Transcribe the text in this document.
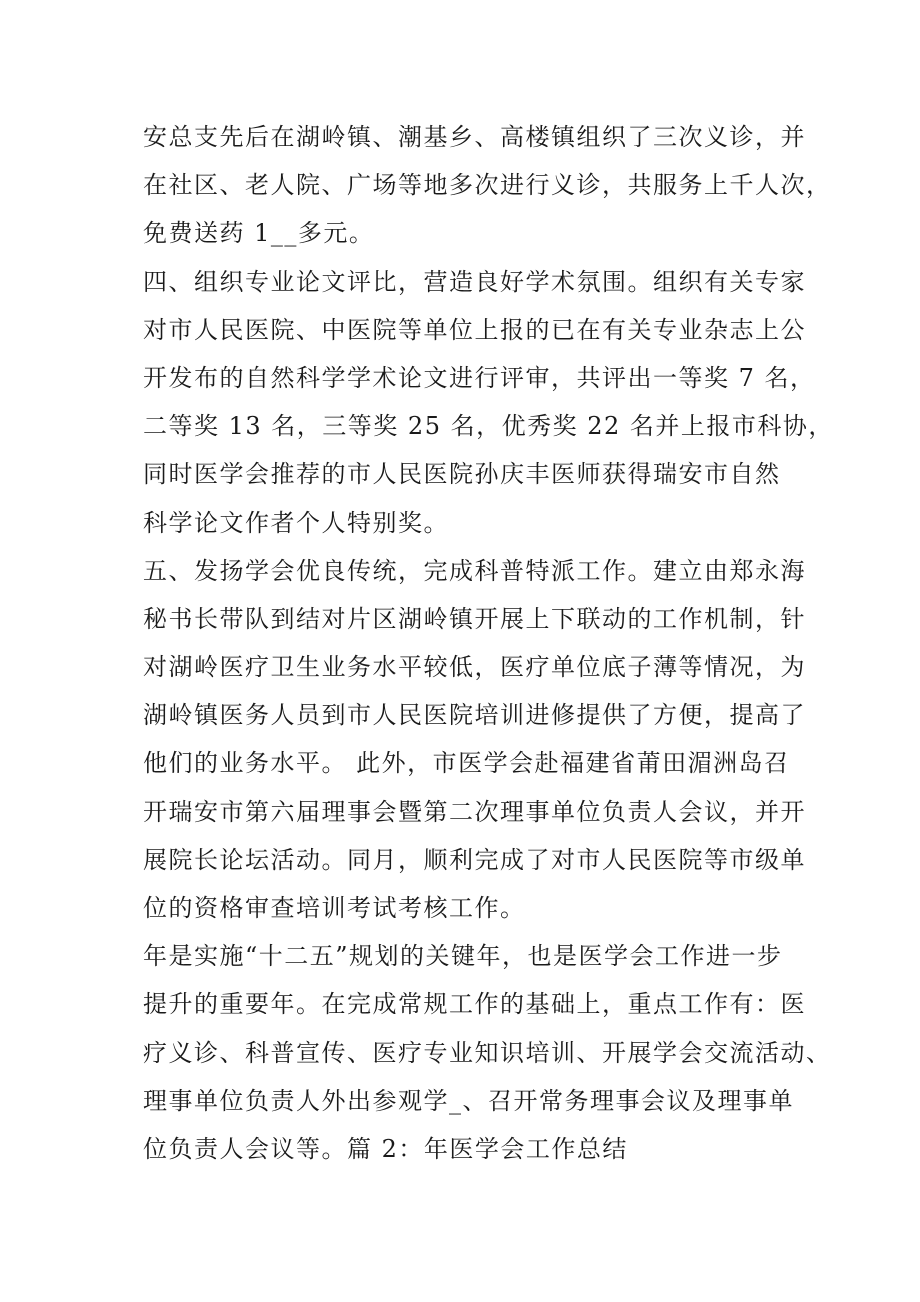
安总支先后在湖岭镇、潮基乡、高楼镇组织了三次义诊，并
在社区、老人院、广场等地多次进行义诊，共服务上千人次，
免费送药 1__多元。
四、组织专业论文评比，营造良好学术氛围。组织有关专家
对市人民医院、中医院等单位上报的已在有关专业杂志上公
开发布的自然科学学术论文进行评审，共评出一等奖 7 名，
二等奖 13 名，三等奖 25 名，优秀奖 22 名并上报市科协，
同时医学会推荐的市人民医院孙庆丰医师获得瑞安市自然
科学论文作者个人特别奖。
五、发扬学会优良传统，完成科普特派工作。建立由郑永海
秘书长带队到结对片区湖岭镇开展上下联动的工作机制，针
对湖岭医疗卫生业务水平较低，医疗单位底子薄等情况，为
湖岭镇医务人员到市人民医院培训进修提供了方便，提高了
他们的业务水平。 此外，市医学会赴福建省莆田湄洲岛召
开瑞安市第六届理事会暨第二次理事单位负责人会议，并开
展院长论坛活动。同月，顺利完成了对市人民医院等市级单
位的资格审查培训考试考核工作。
年是实施“十二五”规划的关键年，也是医学会工作进一步
提升的重要年。在完成常规工作的基础上，重点工作有：医
疗义诊、科普宣传、医疗专业知识培训、开展学会交流活动、
理事单位负责人外出参观学_、召开常务理事会议及理事单
位负责人会议等。篇 2：年医学会工作总结
